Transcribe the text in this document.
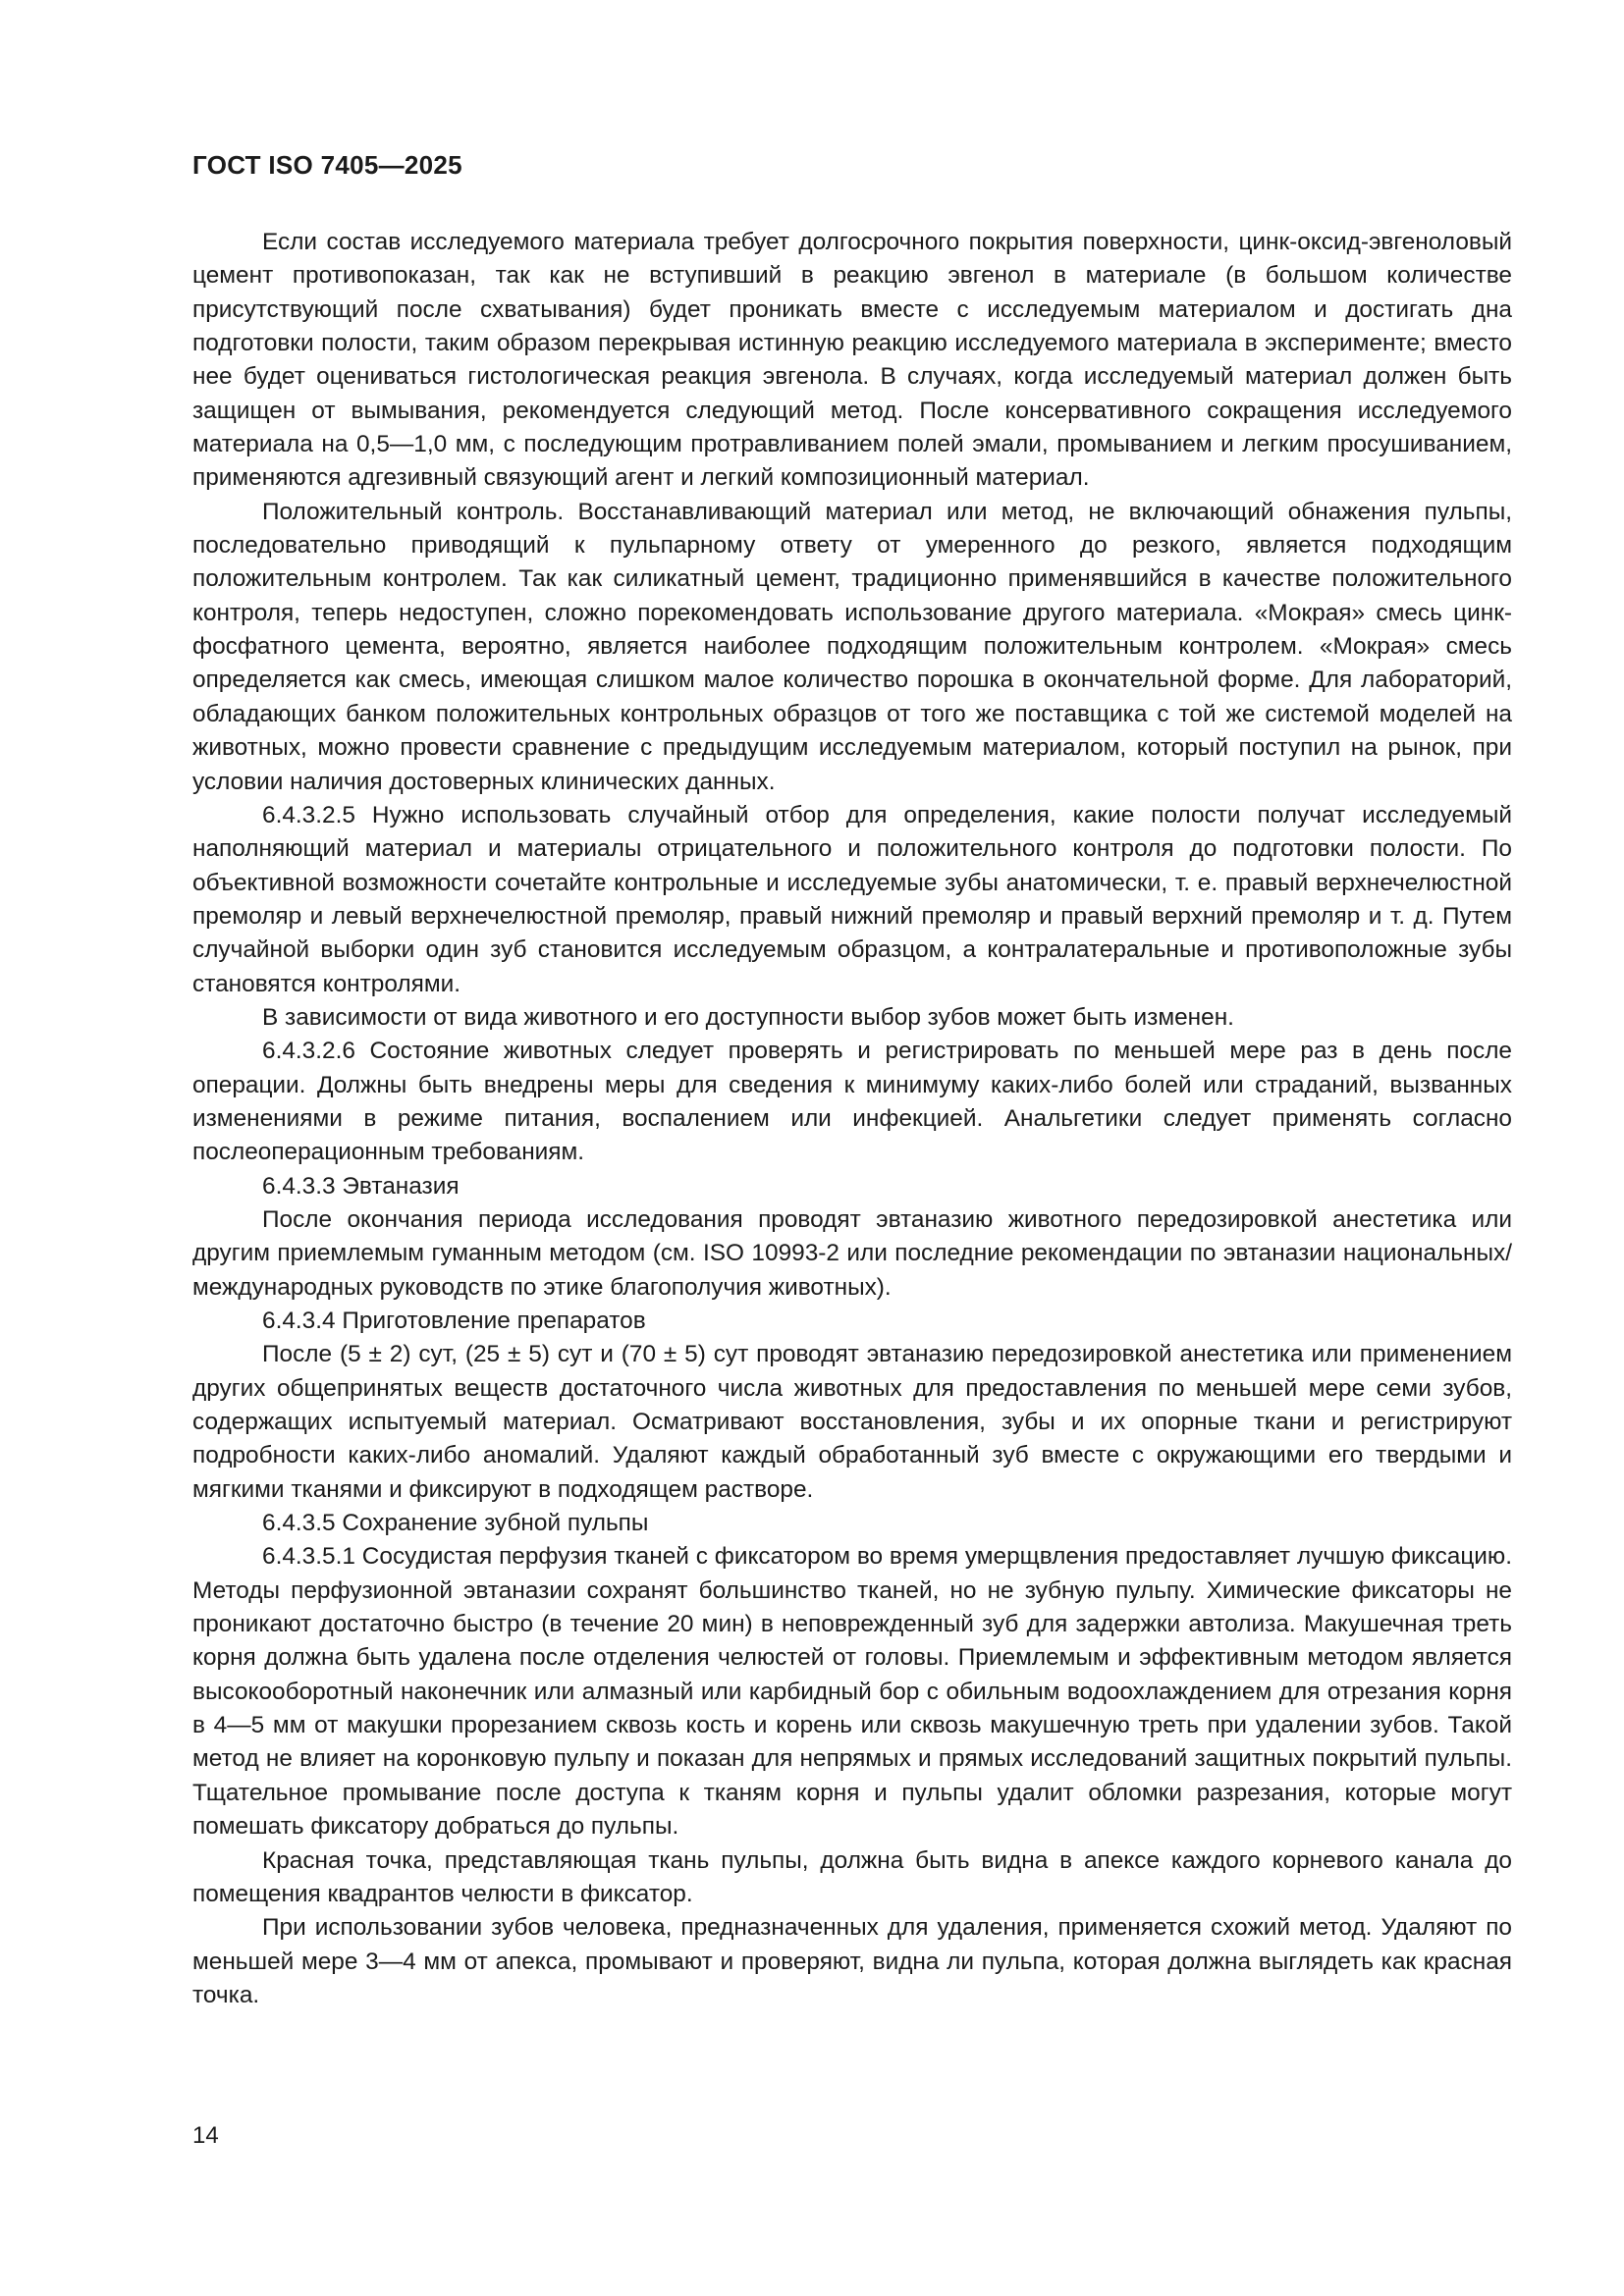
ГОСТ ISO 7405—2025

Если состав исследуемого материала требует долгосрочного покрытия поверхности, цинк-оксид-эвгеноловый цемент противопоказан, так как не вступивший в реакцию эвгенол в материале (в большом количестве присутствующий после схватывания) будет проникать вместе с исследуемым материалом и достигать дна подготовки полости, таким образом перекрывая истинную реакцию исследуемого материала в эксперименте; вместо нее будет оцениваться гистологическая реакция эвгенола. В случаях, когда исследуемый материал должен быть защищен от вымывания, рекомендуется следующий метод. После консервативного сокращения исследуемого материала на 0,5—1,0 мм, с последующим протравливанием полей эмали, промыванием и легким просушиванием, применяются адгезивный связующий агент и легкий композиционный материал.

Положительный контроль. Восстанавливающий материал или метод, не включающий обнажения пульпы, последовательно приводящий к пульпарному ответу от умеренного до резкого, является подходящим положительным контролем. Так как силикатный цемент, традиционно применявшийся в качестве положительного контроля, теперь недоступен, сложно порекомендовать использование другого материала. «Мокрая» смесь цинк-фосфатного цемента, вероятно, является наиболее подходящим положительным контролем. «Мокрая» смесь определяется как смесь, имеющая слишком малое количество порошка в окончательной форме. Для лабораторий, обладающих банком положительных контрольных образцов от того же поставщика с той же системой моделей на животных, можно провести сравнение с предыдущим исследуемым материалом, который поступил на рынок, при условии наличия достоверных клинических данных.

6.4.3.2.5 Нужно использовать случайный отбор для определения, какие полости получат исследуемый наполняющий материал и материалы отрицательного и положительного контроля до подготовки полости. По объективной возможности сочетайте контрольные и исследуемые зубы анатомически, т. е. правый верхнечелюстной премоляр и левый верхнечелюстной премоляр, правый нижний премоляр и правый верхний премоляр и т. д. Путем случайной выборки один зуб становится исследуемым образцом, а контралатеральные и противоположные зубы становятся контролями.

В зависимости от вида животного и его доступности выбор зубов может быть изменен.

6.4.3.2.6 Состояние животных следует проверять и регистрировать по меньшей мере раз в день после операции. Должны быть внедрены меры для сведения к минимуму каких-либо болей или страданий, вызванных изменениями в режиме питания, воспалением или инфекцией. Анальгетики следует применять согласно послеоперационным требованиям.

6.4.3.3 Эвтаназия

После окончания периода исследования проводят эвтаназию животного передозировкой анестетика или другим приемлемым гуманным методом (см. ISO 10993-2 или последние рекомендации по эвтаназии национальных/международных руководств по этике благополучия животных).

6.4.3.4 Приготовление препаратов

После (5 ± 2) сут, (25 ± 5) сут и (70 ± 5) сут проводят эвтаназию передозировкой анестетика или применением других общепринятых веществ достаточного числа животных для предоставления по меньшей мере семи зубов, содержащих испытуемый материал. Осматривают восстановления, зубы и их опорные ткани и регистрируют подробности каких-либо аномалий. Удаляют каждый обработанный зуб вместе с окружающими его твердыми и мягкими тканями и фиксируют в подходящем растворе.

6.4.3.5 Сохранение зубной пульпы

6.4.3.5.1 Сосудистая перфузия тканей с фиксатором во время умерщвления предоставляет лучшую фиксацию. Методы перфузионной эвтаназии сохранят большинство тканей, но не зубную пульпу. Химические фиксаторы не проникают достаточно быстро (в течение 20 мин) в неповрежденный зуб для задержки автолиза. Макушечная треть корня должна быть удалена после отделения челюстей от головы. Приемлемым и эффективным методом является высокооборотный наконечник или алмазный или карбидный бор с обильным водоохлаждением для отрезания корня в 4—5 мм от макушки прорезанием сквозь кость и корень или сквозь макушечную треть при удалении зубов. Такой метод не влияет на коронковую пульпу и показан для непрямых и прямых исследований защитных покрытий пульпы. Тщательное промывание после доступа к тканям корня и пульпы удалит обломки разрезания, которые могут помешать фиксатору добраться до пульпы.

Красная точка, представляющая ткань пульпы, должна быть видна в апексе каждого корневого канала до помещения квадрантов челюсти в фиксатор.

При использовании зубов человека, предназначенных для удаления, применяется схожий метод. Удаляют по меньшей мере 3—4 мм от апекса, промывают и проверяют, видна ли пульпа, которая должна выглядеть как красная точка.

14
